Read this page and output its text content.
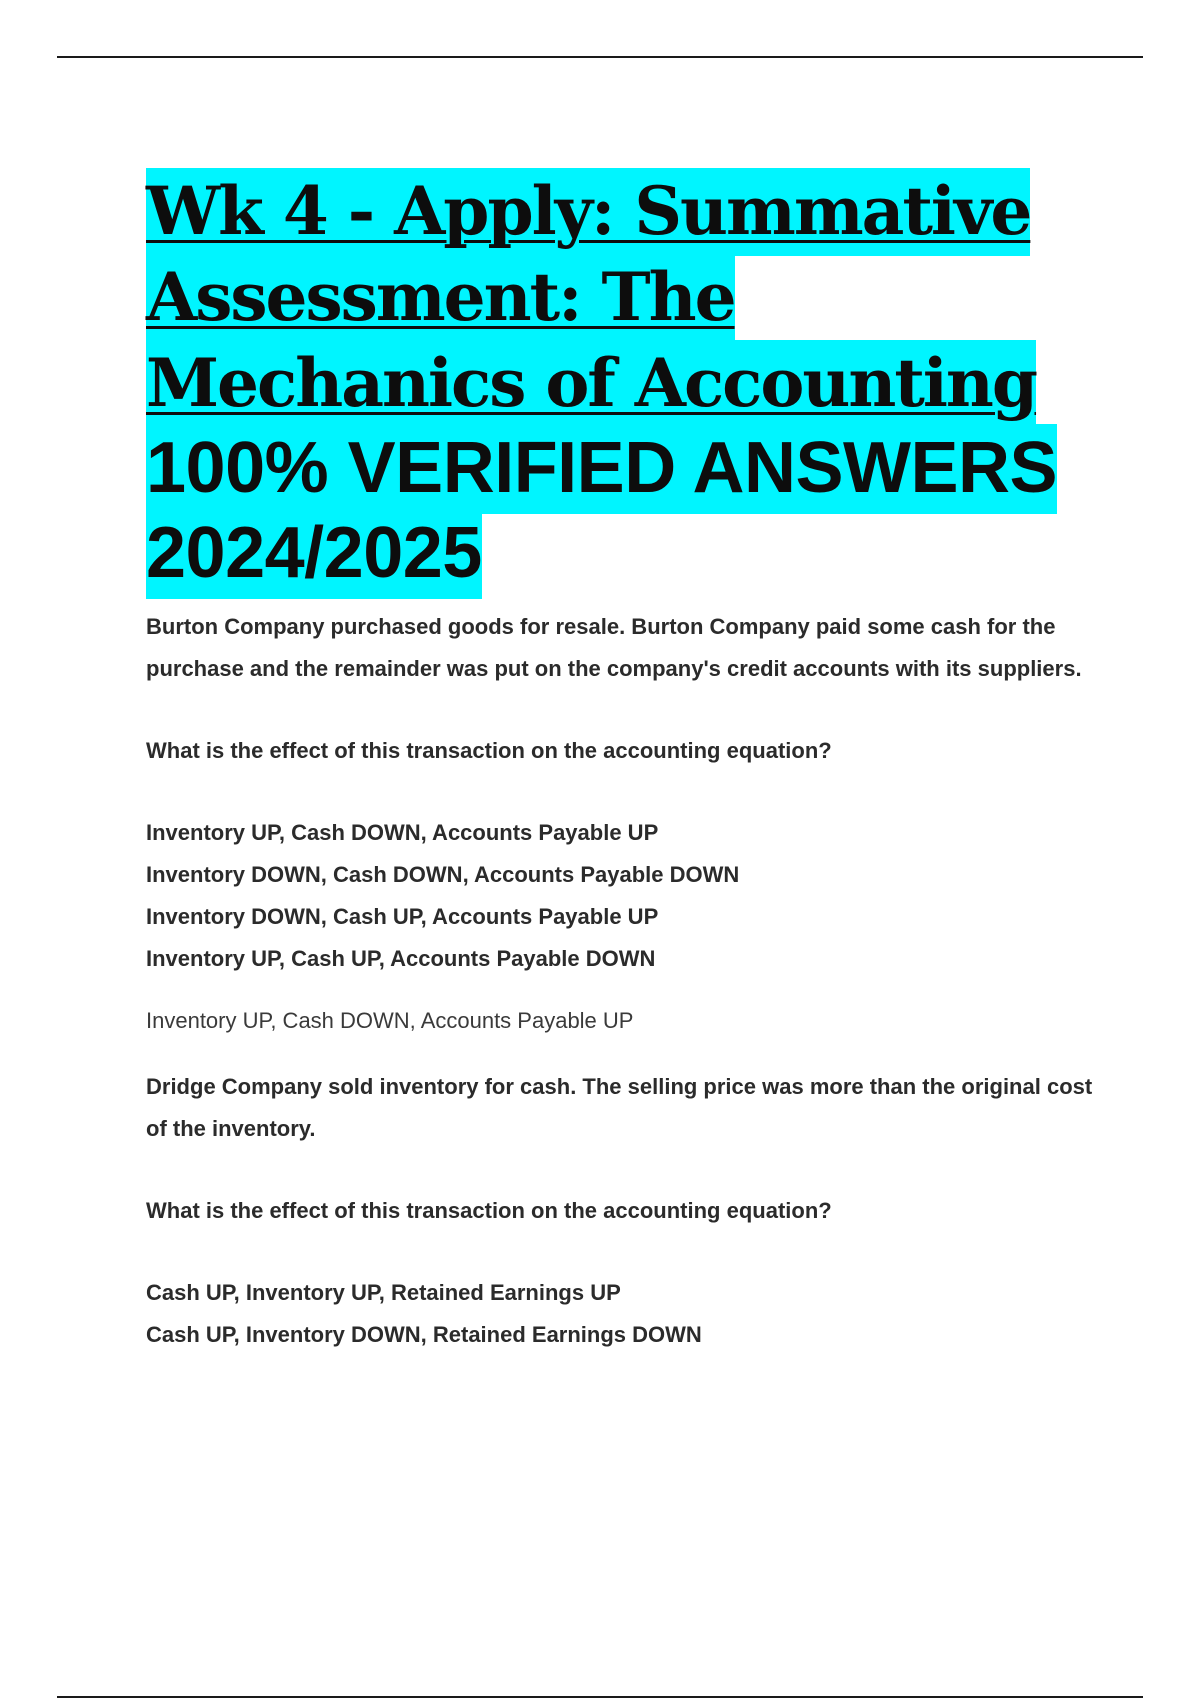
Wk 4 - Apply: Summative Assessment: The Mechanics of Accounting 100% VERIFIED ANSWERS 2024/2025

Burton Company purchased goods for resale. Burton Company paid some cash for the purchase and the remainder was put on the company's credit accounts with its suppliers.

What is the effect of this transaction on the accounting equation?

Inventory UP, Cash DOWN, Accounts Payable UP
Inventory DOWN, Cash DOWN, Accounts Payable DOWN
Inventory DOWN, Cash UP, Accounts Payable UP
Inventory UP, Cash UP, Accounts Payable DOWN
Inventory UP, Cash DOWN, Accounts Payable UP

Dridge Company sold inventory for cash. The selling price was more than the original cost of the inventory.

What is the effect of this transaction on the accounting equation?

Cash UP, Inventory UP, Retained Earnings UP
Cash UP, Inventory DOWN, Retained Earnings DOWN
